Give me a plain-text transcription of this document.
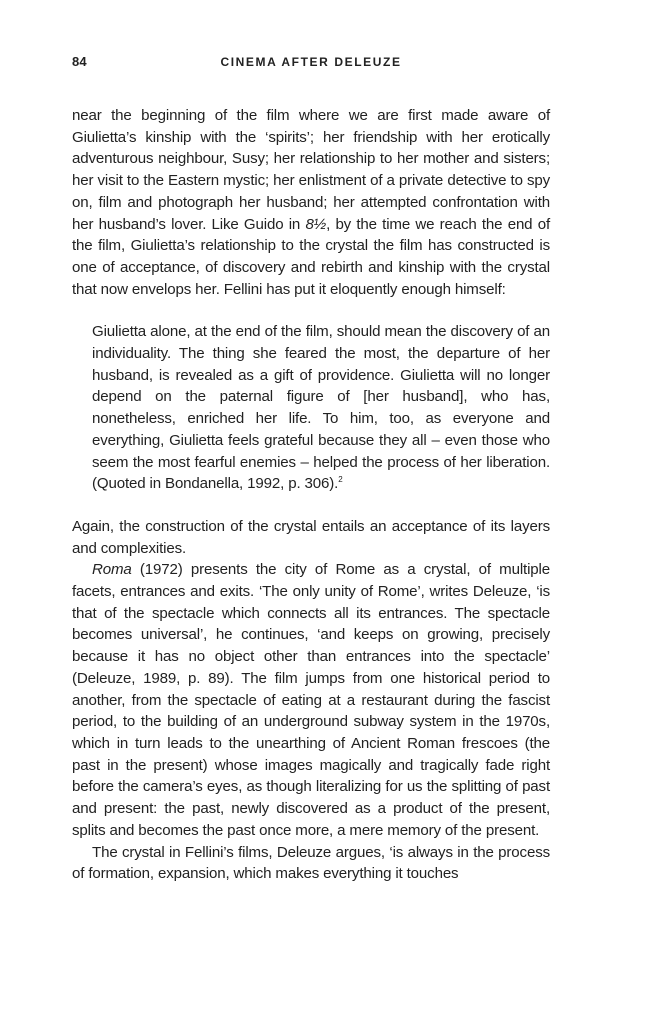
84	CINEMA AFTER DELEUZE

near the beginning of the film where we are first made aware of Giulietta’s kinship with the ‘spirits’; her friendship with her erotically adventurous neighbour, Susy; her relationship to her mother and sisters; her visit to the Eastern mystic; her enlistment of a private detective to spy on, film and photograph her husband; her attempted confrontation with her husband’s lover. Like Guido in 8½, by the time we reach the end of the film, Giulietta’s relationship to the crystal the film has constructed is one of acceptance, of discovery and rebirth and kinship with the crystal that now envelops her. Fellini has put it eloquently enough himself:

Giulietta alone, at the end of the film, should mean the discovery of an individuality. The thing she feared the most, the departure of her husband, is revealed as a gift of providence. Giulietta will no longer depend on the paternal figure of [her husband], who has, nonetheless, enriched her life. To him, too, as everyone and everything, Giulietta feels grateful because they all – even those who seem the most fearful enemies – helped the process of her liberation. (Quoted in Bondanella, 1992, p. 306).$^2$

Again, the construction of the crystal entails an acceptance of its layers and complexities.

Roma (1972) presents the city of Rome as a crystal, of multiple facets, entrances and exits. ‘The only unity of Rome’, writes Deleuze, ‘is that of the spectacle which connects all its entrances. The spectacle becomes universal’, he continues, ‘and keeps on growing, precisely because it has no object other than entrances into the spectacle’ (Deleuze, 1989, p. 89). The film jumps from one historical period to another, from the spectacle of eating at a restaurant during the fascist period, to the building of an underground subway system in the 1970s, which in turn leads to the unearthing of Ancient Roman frescoes (the past in the present) whose images magically and tragically fade right before the camera’s eyes, as though literalizing for us the splitting of past and present: the past, newly discovered as a product of the present, splits and becomes the past once more, a mere memory of the present.

The crystal in Fellini’s films, Deleuze argues, ‘is always in the process of formation, expansion, which makes everything it touches
